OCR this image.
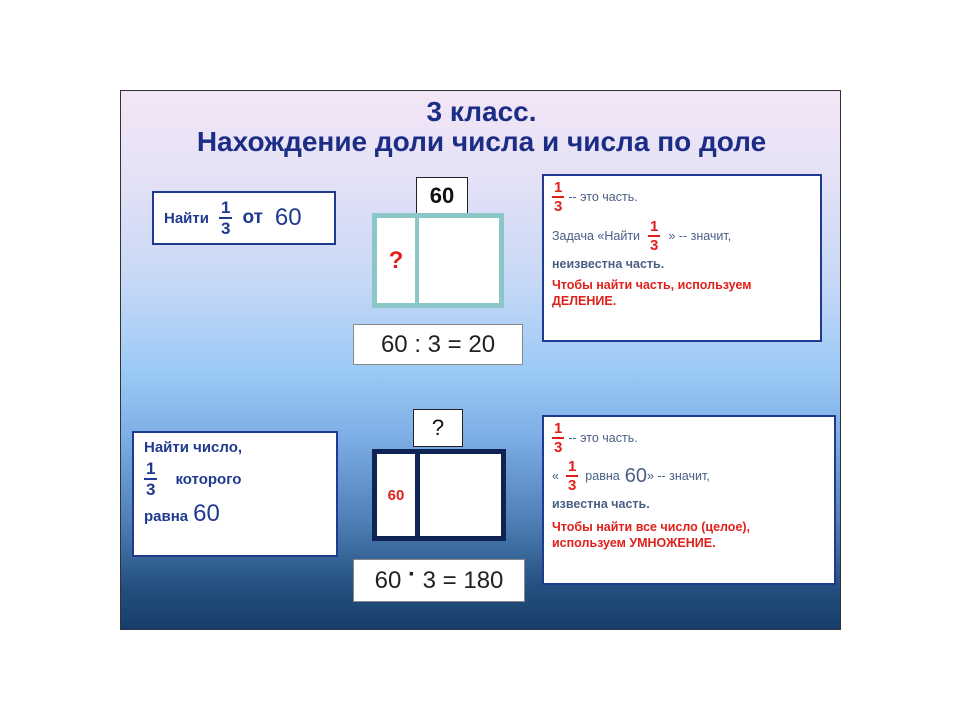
3 класс.
Нахождение доли числа и числа по доле
Найти $\frac{1}{3}$ от 60
60
?
60 : 3 = 20
$\frac{1}{3}$ -- это часть.
Задача «Найти $\frac{1}{3}$ » -- значит,
неизвестна часть.
Чтобы найти часть, используем
ДЕЛЕНИЕ.
Найти число,
$\frac{1}{3}$ которого
равна 60
?
60
60 · 3 = 180
$\frac{1}{3}$ -- это часть.
« $\frac{1}{3}$ равна 60 » -- значит,
известна часть.
Чтобы найти все число (целое),
используем УМНОЖЕНИЕ.
